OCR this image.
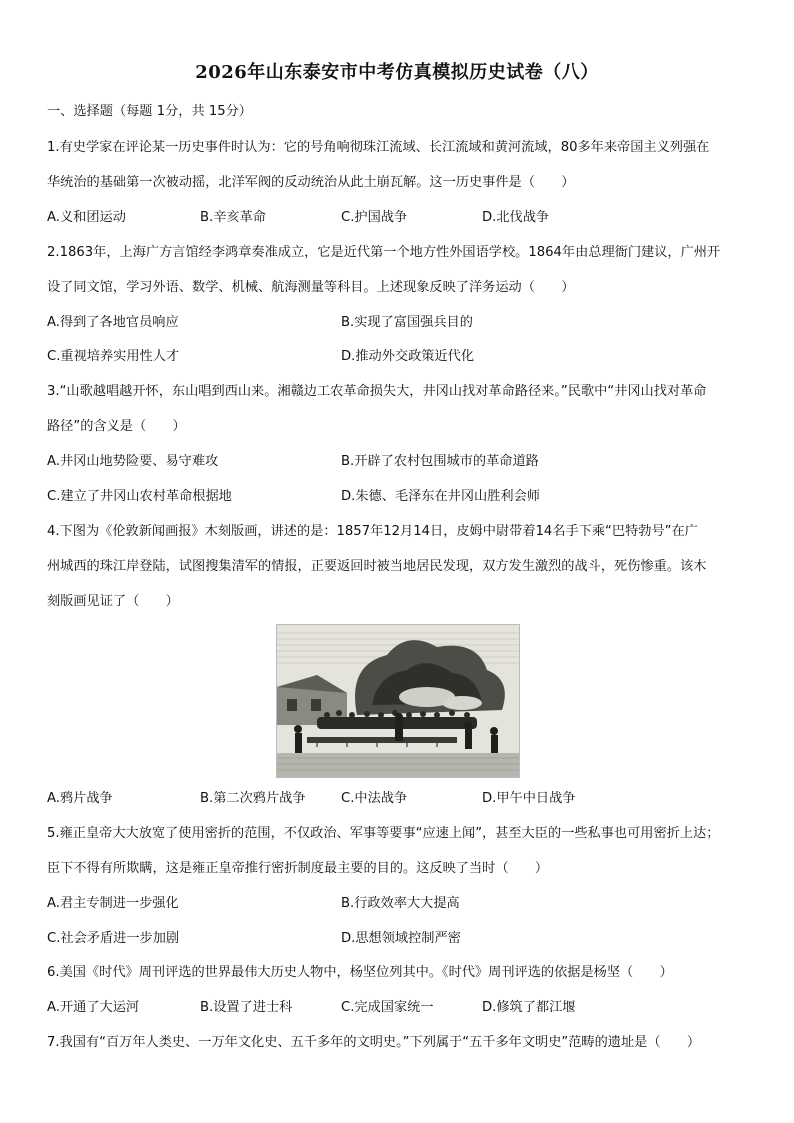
2026年山东泰安市中考仿真模拟历史试卷（八）
一、选择题（每题 1分，共 15分）
1.有史学家在评论某一历史事件时认为：它的号角响彻珠江流域、长江流域和黄河流域，80多年来帝国主义列强在
华统治的基础第一次被动摇，北洋军阀的反动统治从此土崩瓦解。这一历史事件是（　　）
A.义和团运动	B.辛亥革命	C.护国战争	D.北伐战争
2.1863年，上海广方言馆经李鸿章奏准成立，它是近代第一个地方性外国语学校。1864年由总理衙门建议，广州开
设了同文馆，学习外语、数学、机械、航海测量等科目。上述现象反映了洋务运动（　　）
A.得到了各地官员响应	B.实现了富国强兵目的
C.重视培养实用性人才	D.推动外交政策近代化
3.“山歌越唱越开怀，东山唱到西山来。湘赣边工农革命损失大，井冈山找对革命路径来。”民歌中“井冈山找对革命
路径”的含义是（　　）
A.井冈山地势险要、易守难攻	B.开辟了农村包围城市的革命道路
C.建立了井冈山农村革命根据地	D.朱德、毛泽东在井冈山胜利会师
4.下图为《伦敦新闻画报》木刻版画，讲述的是：1857年12月14日，皮姆中尉带着14名手下乘“巴特勃号”在广
州城西的珠江岸登陆，试图搜集清军的情报，正要返回时被当地居民发现，双方发生激烈的战斗，死伤惨重。该木
刻版画见证了（　　）
A.鸦片战争	B.第二次鸦片战争	C.中法战争	D.甲午中日战争
5.雍正皇帝大大放宽了使用密折的范围，不仅政治、军事等要事“应速上闻”，甚至大臣的一些私事也可用密折上达；
臣下不得有所欺瞒，这是雍正皇帝推行密折制度最主要的目的。这反映了当时（　　）
A.君主专制进一步强化	B.行政效率大大提高
C.社会矛盾进一步加剧	D.思想领域控制严密
6.美国《时代》周刊评选的世界最伟大历史人物中，杨坚位列其中。《时代》周刊评选的依据是杨坚（　　）
A.开通了大运河	B.设置了进士科	C.完成国家统一	D.修筑了都江堰
7.我国有“百万年人类史、一万年文化史、五千多年的文明史。”下列属于“五千多年文明史”范畴的遗址是（　　）
